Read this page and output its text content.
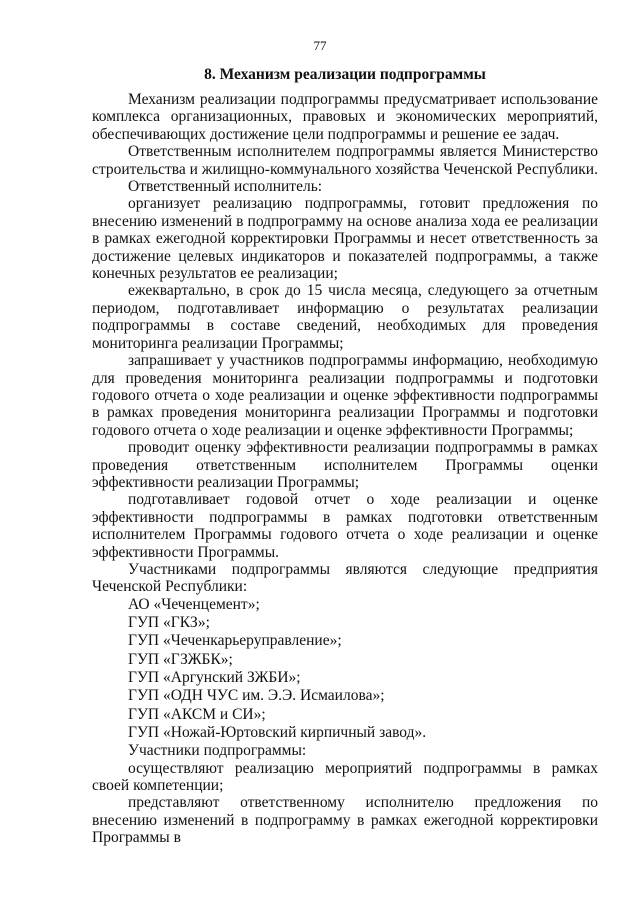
77
8. Механизм реализации подпрограммы

Механизм реализации подпрограммы предусматривает использование комплекса организационных, правовых и экономических мероприятий, обеспечивающих достижение цели подпрограммы и решение ее задач.

Ответственным исполнителем подпрограммы является Министерство строительства и жилищно-коммунального хозяйства Чеченской Республики.

Ответственный исполнитель:

организует реализацию подпрограммы, готовит предложения по внесению изменений в подпрограмму на основе анализа хода ее реализации в рамках ежегодной корректировки Программы и несет ответственность за достижение целевых индикаторов и показателей подпрограммы, а также конечных результатов ее реализации;

ежеквартально, в срок до 15 числа месяца, следующего за отчетным периодом, подготавливает информацию о результатах реализации подпрограммы в составе сведений, необходимых для проведения мониторинга реализации Программы;

запрашивает у участников подпрограммы информацию, необходимую для проведения мониторинга реализации подпрограммы и подготовки годового отчета о ходе реализации и оценке эффективности подпрограммы в рамках проведения мониторинга реализации Программы и подготовки годового отчета о ходе реализации и оценке эффективности Программы;

проводит оценку эффективности реализации подпрограммы в рамках проведения ответственным исполнителем Программы оценки эффективности реализации Программы;

подготавливает годовой отчет о ходе реализации и оценке эффективности подпрограммы в рамках подготовки ответственным исполнителем Программы годового отчета о ходе реализации и оценке эффективности Программы.

Участниками подпрограммы являются следующие предприятия Чеченской Республики:

АО «Чеченцемент»;
ГУП «ГКЗ»;
ГУП «Чеченкарьеруправление»;
ГУП «ГЗЖБК»;
ГУП «Аргунский ЗЖБИ»;
ГУП «ОДН ЧУС им. Э.Э. Исмаилова»;
ГУП «АКСМ и СИ»;
ГУП «Ножай-Юртовский кирпичный завод».

Участники подпрограммы:

осуществляют реализацию мероприятий подпрограммы в рамках своей компетенции;

представляют ответственному исполнителю предложения по внесению изменений в подпрограмму в рамках ежегодной корректировки Программы в
